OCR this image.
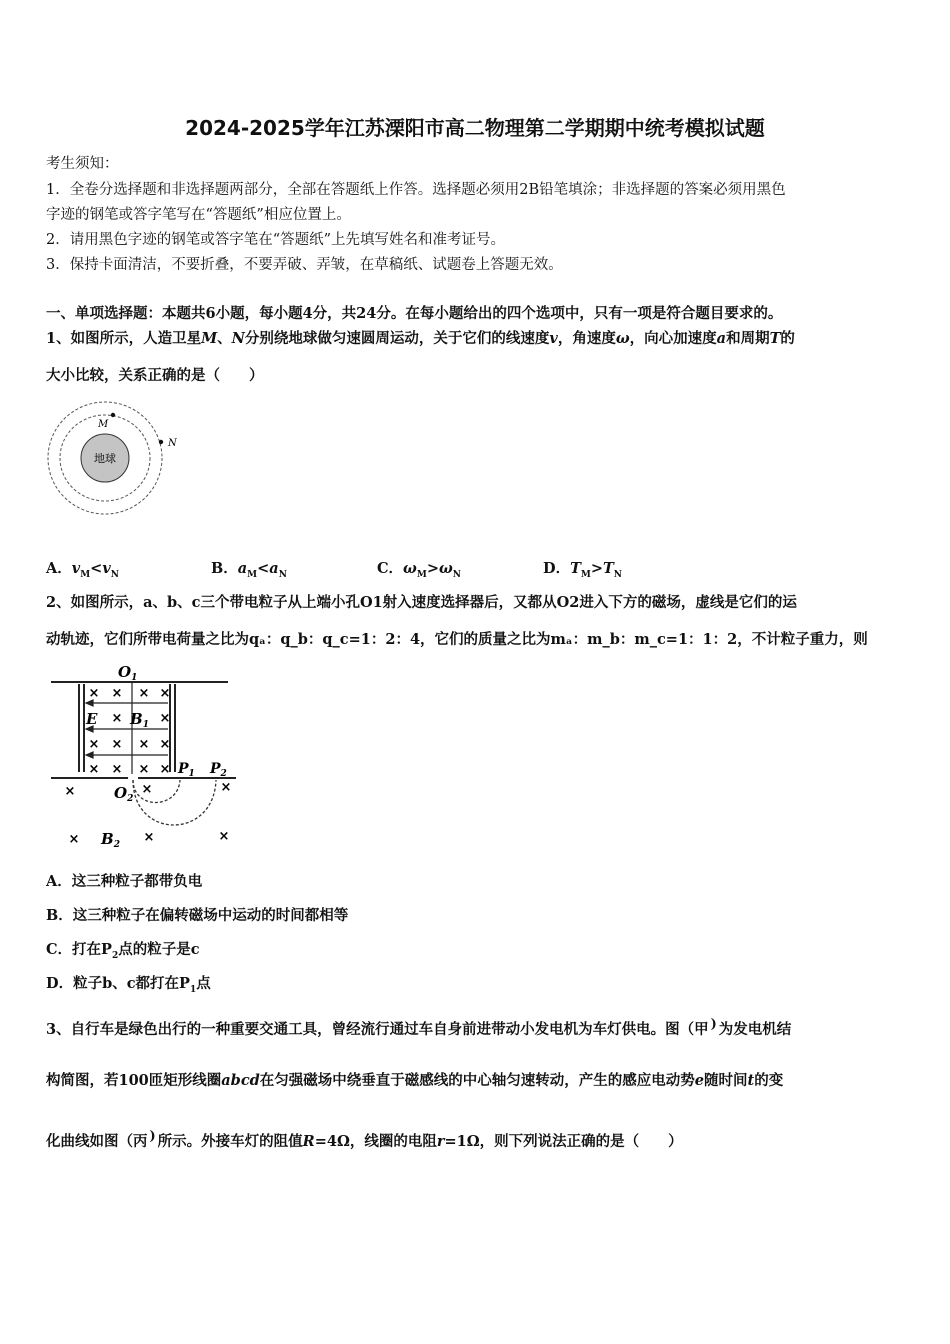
2024-2025学年江苏溧阳市高二物理第二学期期中统考模拟试题
考生须知：
1．全卷分选择题和非选择题两部分，全部在答题纸上作答。选择题必须用2B铅笔填涂；非选择题的答案必须用黑色
字迹的钢笔或答字笔写在“答题纸”相应位置上。
2．请用黑色字迹的钢笔或答字笔在“答题纸”上先填写姓名和准考证号。
3．保持卡面清洁，不要折叠，不要弄破、弄皱，在草稿纸、试题卷上答题无效。
一、单项选择题：本题共6小题，每小题4分，共24分。在每小题给出的四个选项中，只有一项是符合题目要求的。
1、如图所示，人造卫星M、N分别绕地球做匀速圆周运动，关于它们的线速度v，角速度ω，向心加速度a和周期T的
大小比较，关系正确的是（　　）
地球
M
N
A．$v_M<v_N$	B．$a_M<a_N$	C．$\omega_M>\omega_N$	D．$T_M>T_N$
2、如图所示，a、b、c三个带电粒子从上端小孔O1射入速度选择器后，又都从O2进入下方的磁场，虚线是它们的运
动轨迹，它们所带电荷量之比为qₐ：q_b：q_c=1：2：4，它们的质量之比为mₐ：m_b：m_c=1：1：2，不计粒子重力，则
$O_1$
× × × ×
×	×
× × × ×
× × × ×
E $B_1$
$O_2$
$P_1$ $P_2$
×	×	×
×	×	×
$B_2$
A．这三种粒子都带负电
B．这三种粒子在偏转磁场中运动的时间都相等
C．打在$P_2$点的粒子是c
D．粒子b、c都打在$P_1$点
3、自行车是绿色出行的一种重要交通工具，曾经流行通过车自身前进带动小发电机为车灯供电。图（甲 ) 为发电机结
构简图，若100匝矩形线圈abcd在匀强磁场中绕垂直于磁感线的中心轴匀速转动，产生的感应电动势e随时间t的变
化曲线如图（丙 ) 所示。外接车灯的阻值R=4Ω，线圈的电阻r=1Ω，则下列说法正确的是（　　）
